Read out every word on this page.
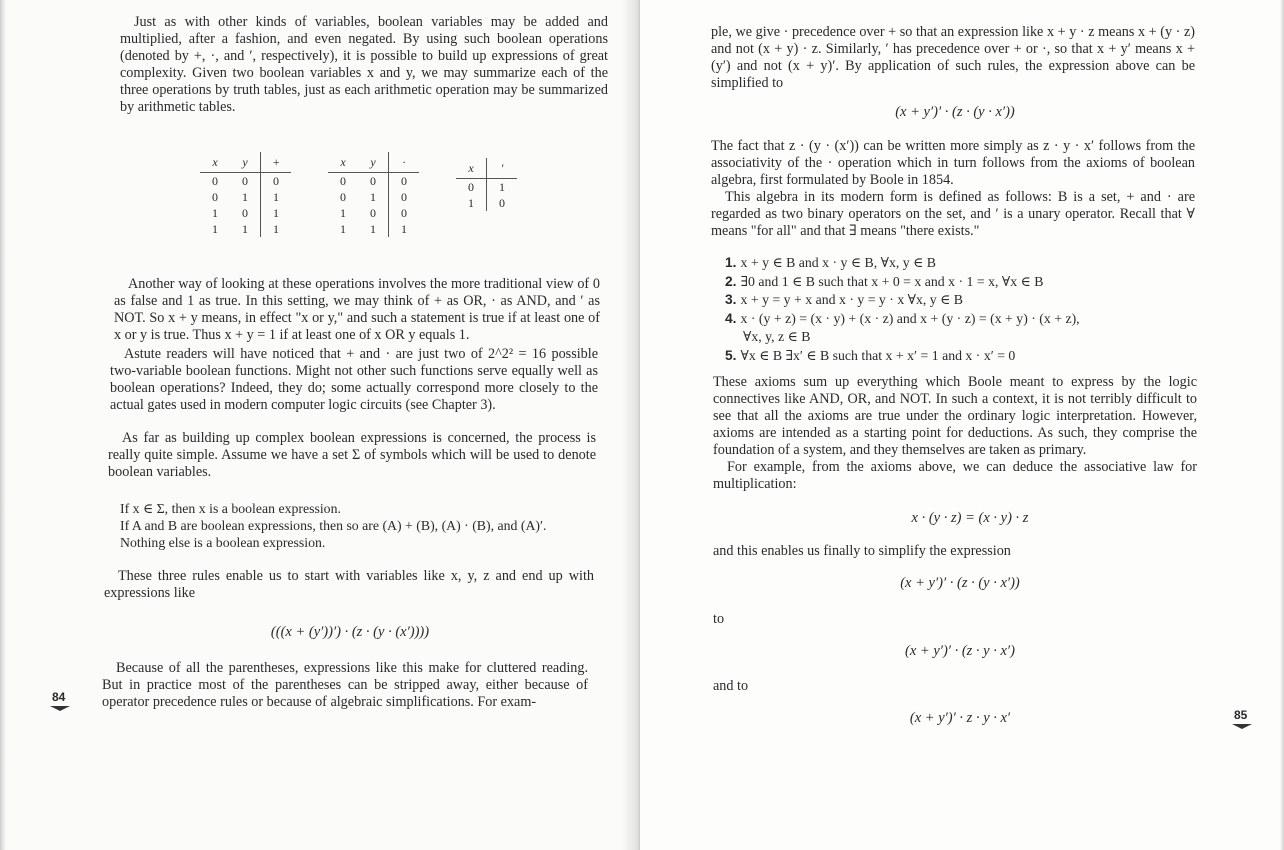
Just as with other kinds of variables, boolean variables may be added and multiplied, after a fashion, and even negated. By using such boolean operations (denoted by +, ·, and ′, respectively), it is possible to build up expressions of great complexity. Given two boolean variables x and y, we may summarize each of the three operations by truth tables, just as each arithmetic operation may be summarized by arithmetic tables.

x	y	+
0	0	0
0	1	1
1	0	1
1	1	1
x	y	·
0	0	0
0	1	0
1	0	0
1	1	1
x	′
0	1
1	0

Another way of looking at these operations involves the more traditional view of 0 as false and 1 as true. In this setting, we may think of + as OR, · as AND, and ′ as NOT. So x + y means, in effect "x or y," and such a statement is true if at least one of x or y is true. Thus x + y = 1 if at least one of x OR y equals 1.

Astute readers will have noticed that + and · are just two of 2^2² = 16 possible two-variable boolean functions. Might not other such functions serve equally well as boolean operations? Indeed, they do; some actually correspond more closely to the actual gates used in modern computer logic circuits (see Chapter 3).

As far as building up complex boolean expressions is concerned, the process is really quite simple. Assume we have a set Σ of symbols which will be used to denote boolean variables.

If x ∈ Σ, then x is a boolean expression.
If A and B are boolean expressions, then so are (A) + (B), (A) · (B), and (A)′.
Nothing else is a boolean expression.

These three rules enable us to start with variables like x, y, z and end up with expressions like

(((x + (y′))′) · (z · (y · (x′))))

Because of all the parentheses, expressions like this make for cluttered reading. But in practice most of the parentheses can be stripped away, either because of operator precedence rules or because of algebraic simplifications. For exam-

84

ple, we give · precedence over + so that an expression like x + y · z means x + (y · z) and not (x + y) · z. Similarly, ′ has precedence over + or ·, so that x + y′ means x + (y′) and not (x + y)′. By application of such rules, the expression above can be simplified to

(x + y′)′ · (z · (y · x′))

The fact that z · (y · (x′)) can be written more simply as z · y · x′ follows from the associativity of the · operation which in turn follows from the axioms of boolean algebra, first formulated by Boole in 1854.

This algebra in its modern form is defined as follows: B is a set, + and · are regarded as two binary operators on the set, and ′ is a unary operator. Recall that ∀ means "for all" and that ∃ means "there exists."

1. x + y ∈ B and x · y ∈ B, ∀x, y ∈ B
2. ∃0 and 1 ∈ B such that x + 0 = x and x · 1 = x, ∀x ∈ B
3. x + y = y + x and x · y = y · x ∀x, y ∈ B
4. x · (y + z) = (x · y) + (x · z) and x + (y · z) = (x + y) · (x + z),
∀x, y, z ∈ B
5. ∀x ∈ B ∃x′ ∈ B such that x + x′ = 1 and x · x′ = 0

These axioms sum up everything which Boole meant to express by the logic connectives like AND, OR, and NOT. In such a context, it is not terribly difficult to see that all the axioms are true under the ordinary logic interpretation. However, axioms are intended as a starting point for deductions. As such, they comprise the foundation of a system, and they themselves are taken as primary.

For example, from the axioms above, we can deduce the associative law for multiplication:

x · (y · z) = (x · y) · z

and this enables us finally to simplify the expression

(x + y′)′ · (z · (y · x′))

to

(x + y′)′ · (z · y · x′)

and to

(x + y′)′ · z · y · x′	85
